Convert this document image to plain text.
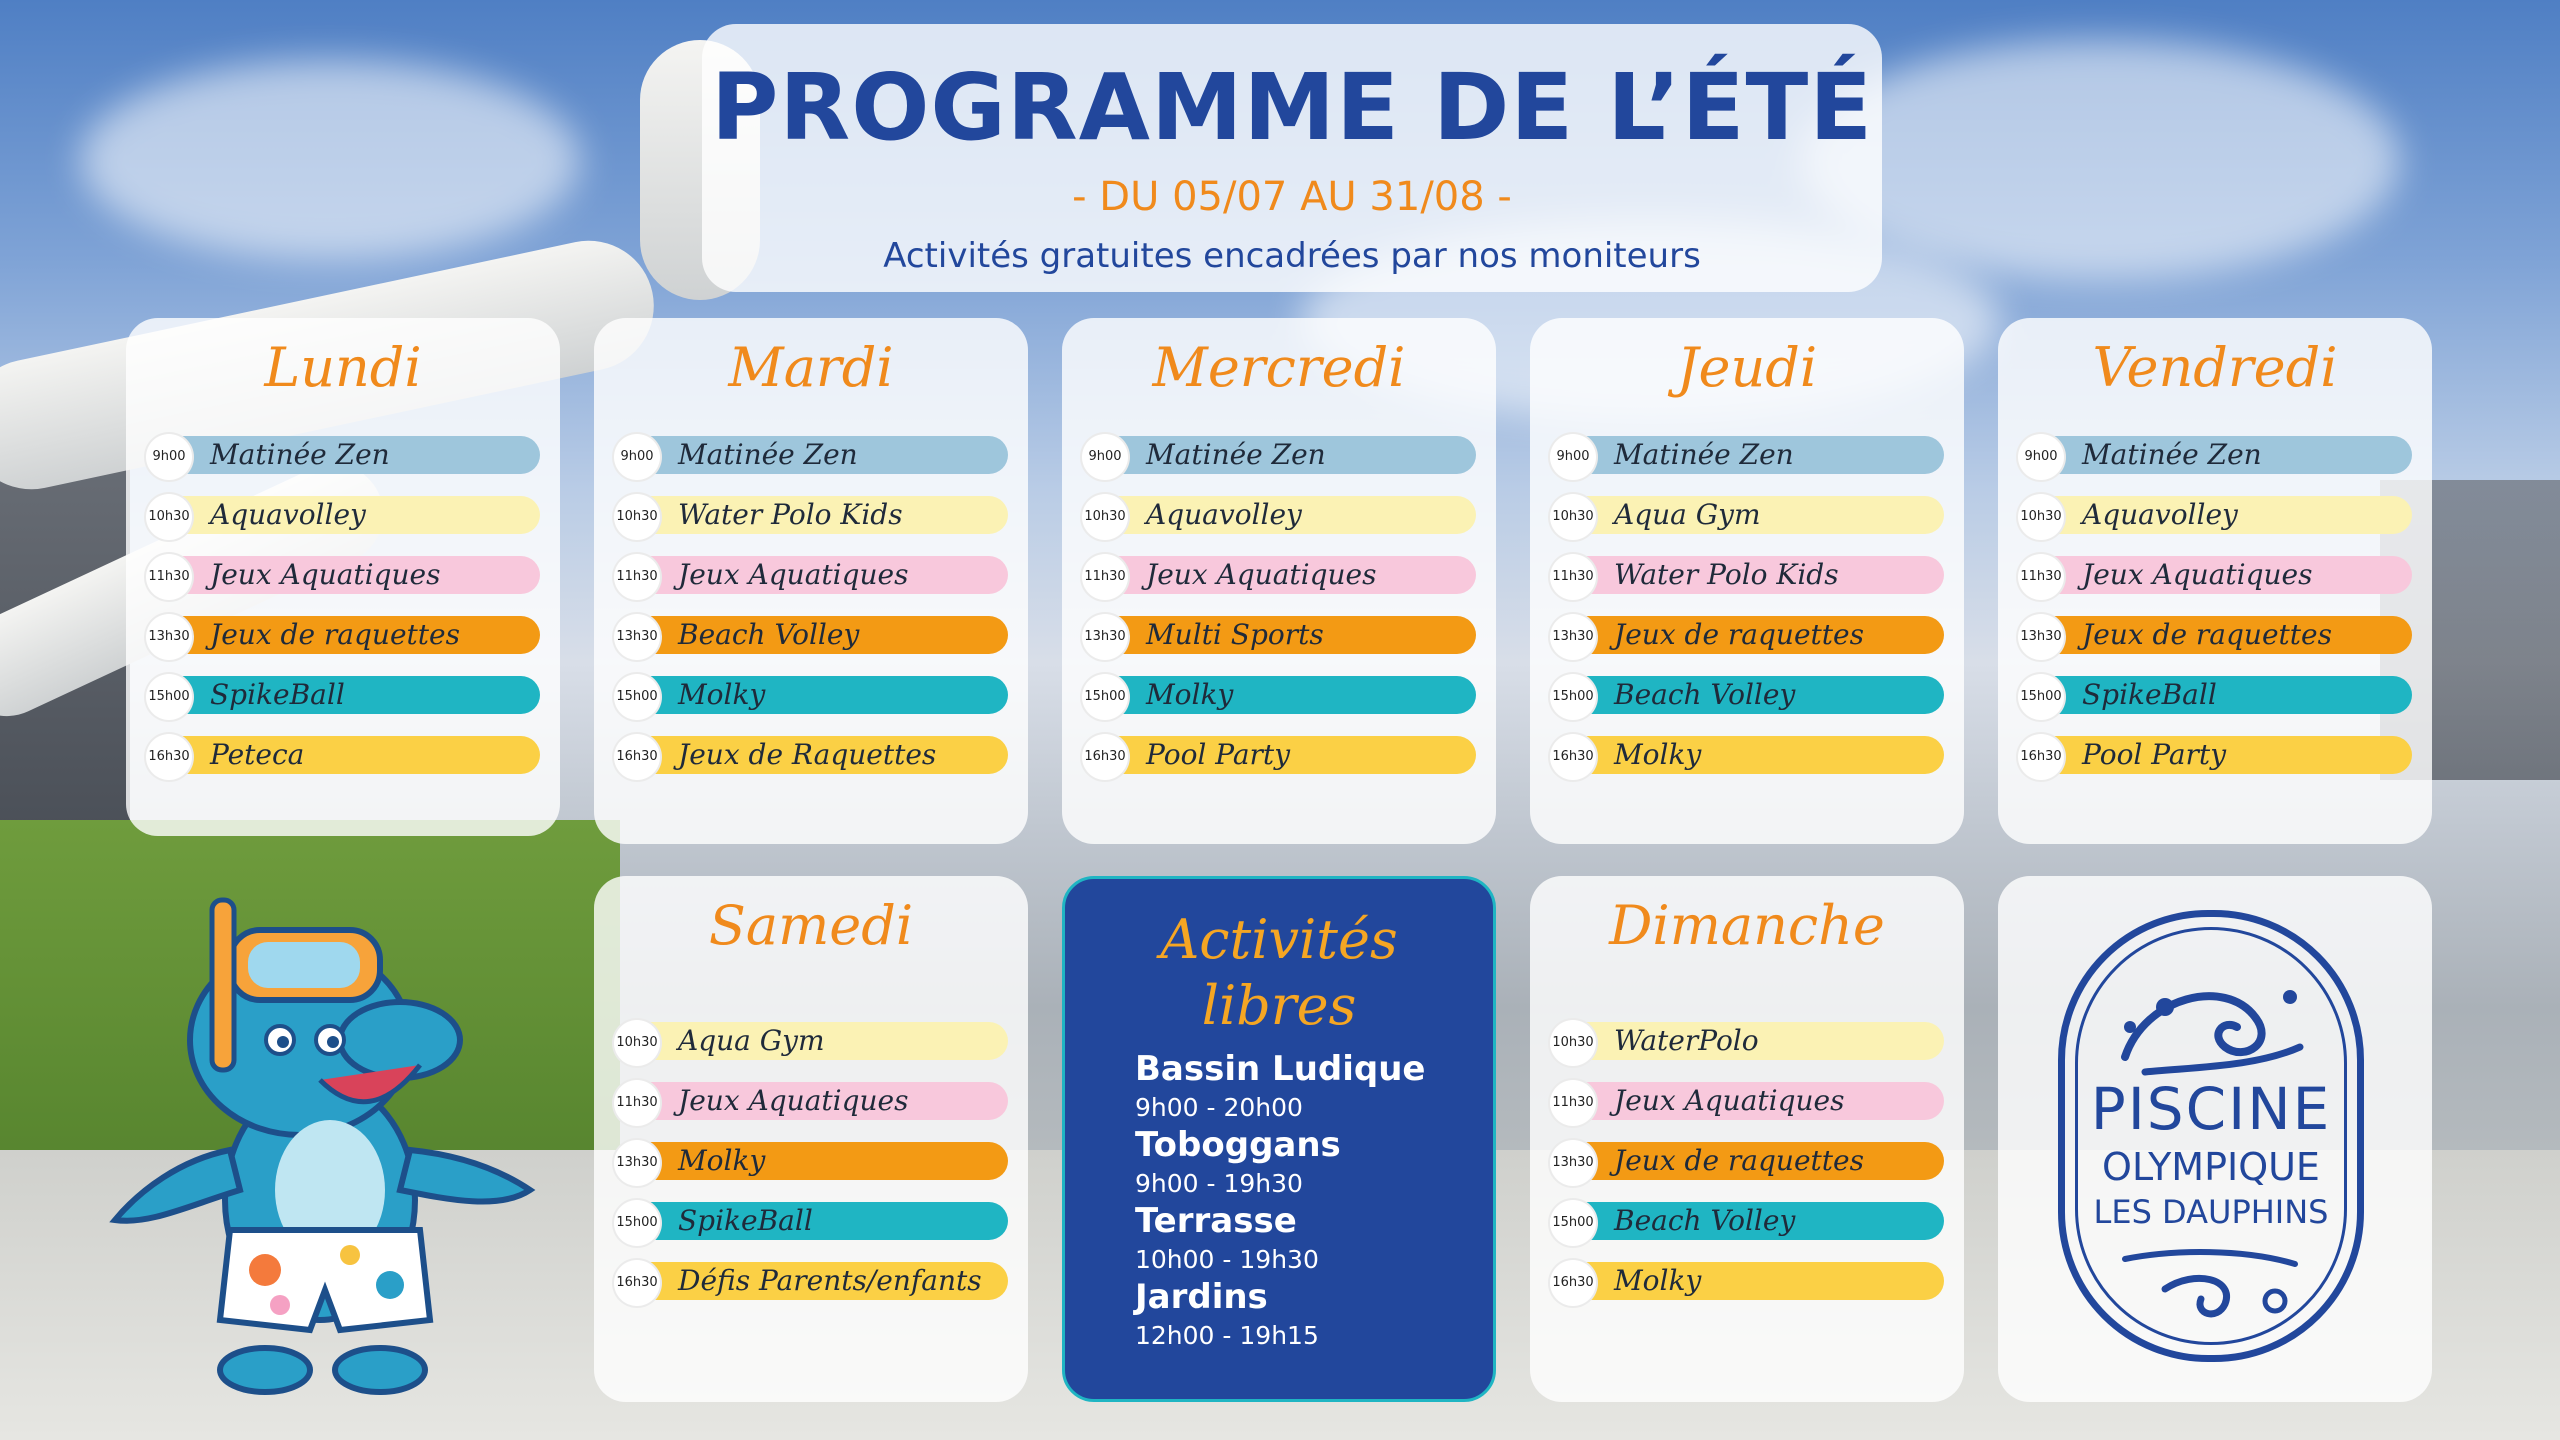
PROGRAMME DE L’ÉTÉ
- DU 05/07 AU 31/08 -
Activités gratuites encadrées par nos moniteurs
Lundi
9h00 Matinée Zen
10h30 Aquavolley
11h30 Jeux Aquatiques
13h30 Jeux de raquettes
15h00 SpikeBall
16h30 Peteca
Mardi
9h00 Matinée Zen
10h30 Water Polo Kids
11h30 Jeux Aquatiques
13h30 Beach Volley
15h00 Molky
16h30 Jeux de Raquettes
Mercredi
9h00 Matinée Zen
10h30 Aquavolley
11h30 Jeux Aquatiques
13h30 Multi Sports
15h00 Molky
16h30 Pool Party
Jeudi
9h00 Matinée Zen
10h30 Aqua Gym
11h30 Water Polo Kids
13h30 Jeux de raquettes
15h00 Beach Volley
16h30 Molky
Vendredi
9h00 Matinée Zen
10h30 Aquavolley
11h30 Jeux Aquatiques
13h30 Jeux de raquettes
15h00 SpikeBall
16h30 Pool Party
Samedi
10h30 Aqua Gym
11h30 Jeux Aquatiques
13h30 Molky
15h00 SpikeBall
16h30 Défis Parents/enfants
Dimanche
10h30 WaterPolo
11h30 Jeux Aquatiques
13h30 Jeux de raquettes
15h00 Beach Volley
16h30 Molky
Activités
libres
Bassin Ludique
9h00 - 20h00
Toboggans
9h00 - 19h30
Terrasse
10h00 - 19h30
Jardins
12h00 - 19h15
PISCINE
OLYMPIQUE
LES DAUPHINS
